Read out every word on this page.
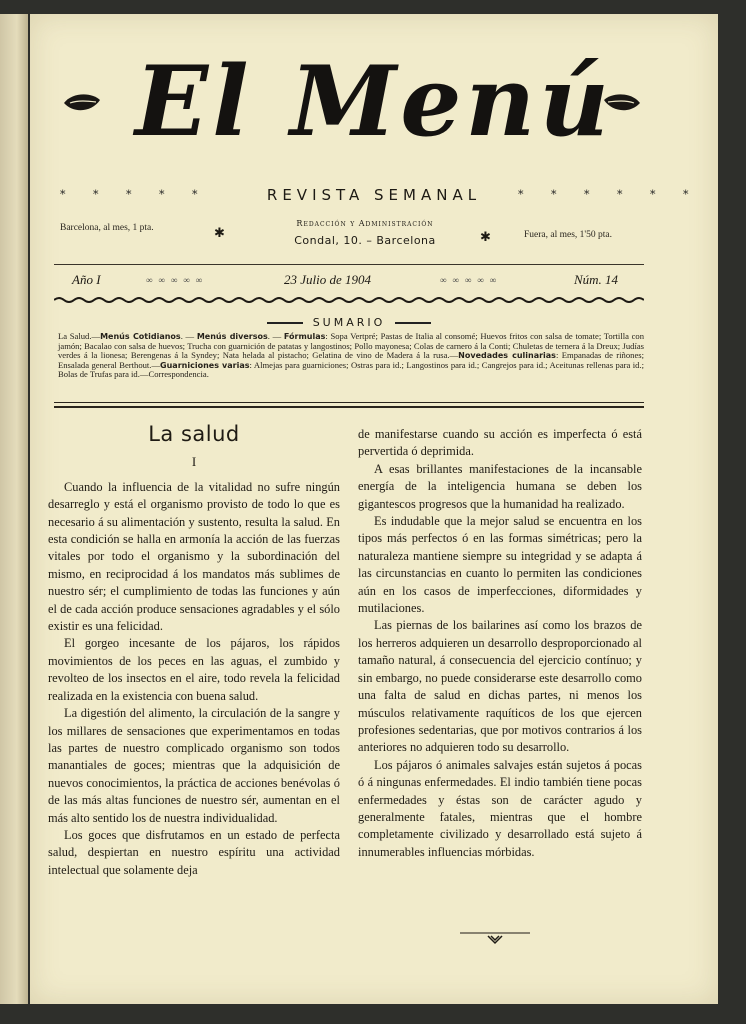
El Menú
* * * * *	REVISTA SEMANAL	* * * * * *
Barcelona, al mes, 1 pta.	✱
Redacción y Administración
Condal, 10. – Barcelona	✱	Fuera, al mes, 1'50 pta.
Año I	∞∞∞∞∞	23 Julio de 1904	∞∞∞∞∞	Núm. 14
SUMARIO
La Salud.—Menús Cotidianos. — Menús diversos. — Fórmulas: Sopa Vertpré; Pastas de Italia al consomé; Huevos fritos con salsa de tomate; Tortilla con jamón; Bacalao con salsa de huevos; Trucha con guarnición de patatas y langostinos; Pollo mayonesa; Colas de carnero á la Conti; Chuletas de ternera á la Dreux; Judías verdes á la lionesa; Berengenas á la Syndey; Nata helada al pistacho; Gelatina de vino de Madera á la rusa.—Novedades culinarias: Empanadas de riñones; Ensalada general Berthout.—Guarniciones varias: Almejas para guarniciones; Ostras para id.; Langostinos para id.; Cangrejos para id.; Aceitunas rellenas para id.; Bolas de Trufas para id.—Correspondencia.
La salud
I

Cuando la influencia de la vitalidad no sufre ningún desarreglo y está el organismo provisto de todo lo que es necesario á su alimentación y sustento, resulta la salud. En esta condición se halla en armonía la acción de las fuerzas vitales por todo el organismo y la subordinación del mismo, en reciprocidad á los mandatos más sublimes de nuestro sér; el cumplimiento de todas las funciones y aún el de cada acción produce sensaciones agradables y el sólo existir es una felicidad.

El gorgeo incesante de los pájaros, los rápidos movimientos de los peces en las aguas, el zumbido y revolteo de los insectos en el aire, todo revela la felicidad realizada en la existencia con buena salud.

La digestión del alimento, la circulación de la sangre y los millares de sensaciones que experimentamos en todas las partes de nuestro complicado organismo son todos manantiales de goces; mientras que la adquisición de nuevos conocimientos, la práctica de acciones benévolas ó de las más altas funciones de nuestro sér, aumentan en el más alto sentido los de nuestra individualidad.

Los goces que disfrutamos en un estado de perfecta salud, despiertan en nuestro espíritu una actividad intelectual que solamente deja

de manifestarse cuando su acción es imperfecta ó está pervertida ó deprimida.

A esas brillantes manifestaciones de la incansable energía de la inteligencia humana se deben los gigantescos progresos que la humanidad ha realizado.

Es indudable que la mejor salud se encuentra en los tipos más perfectos ó en las formas simétricas; pero la naturaleza mantiene siempre su integridad y se adapta á las circunstancias en cuanto lo permiten las condiciones aún en los casos de imperfecciones, diformidades y mutilaciones.

Las piernas de los bailarines así como los brazos de los herreros adquieren un desarrollo desproporcionado al tamaño natural, á consecuencia del ejercicio contínuo; y sin embargo, no puede considerarse este desarrollo como una falta de salud en dichas partes, ni menos los músculos relativamente raquíticos de los que ejercen profesiones sedentarias, que por motivos contrarios á los anteriores no adquieren todo su desarrollo.

Los pájaros ó animales salvajes están sujetos á pocas ó á ningunas enfermedades. El indio también tiene pocas enfermedades y éstas son de carácter agudo y generalmente fatales, mientras que el hombre completamente civilizado y desarrollado está sujeto á innumerables influencias mórbidas.
